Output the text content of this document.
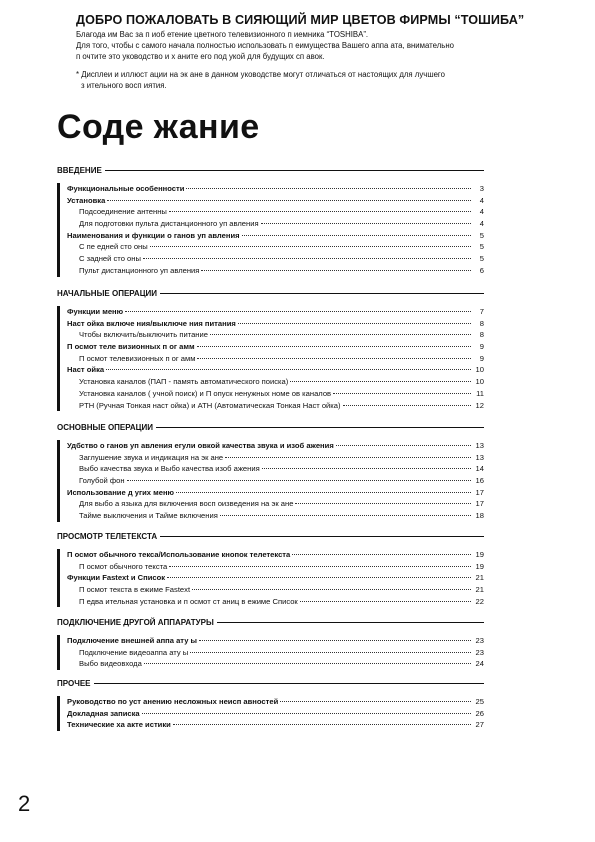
ДОБРО ПОЖАЛОВАТЬ В СИЯЮЩИЙ МИР ЦВЕТОВ ФИРМЫ “ТОШИБА”

Благода им Вас за п иоб етение цветного телевизионного п иемника “TOSHIBA”.

Для того, чтобы с самого начала полностью использовать п еимущества Вашего аппа ата, внимательно

п очтите это уководство и х аните его под укой для будущих сп авок.

* Дисплеи и иллюст ации на эк ане в данном уководстве могут отличаться от настоящих для лучшего

з ительного восп иятия.

Соде жание
ВВЕДЕНИЕ
Функциональные особенности	3
Установка	4
Подсоединение антенны	4
Для подготовки пульта дистанционного уп авления	4
Наименования и функции о ганов уп авления	5
С пе едней сто оны	5
С задней сто оны	5
Пульт дистанционного уп авления	6
НАЧАЛЬНЫЕ ОПЕРАЦИИ
Функции меню	7
Наст ойка включе ния/выключе ния питания	8
Чтобы включить/выключить питание	8
П осмот теле визионных п ог амм	9
П осмот телевизионных п ог амм	9
Наст ойка	10
Установка каналов (ПАП - память автоматического поиска)	10
Установка каналов ( учной поиск) и П опуск ненужных номе ов каналов	11
PTH (Ручная Тонкая наст ойка) и АТН (Автоматическая Тонкая Наст ойка)	12
ОСНОВНЫЕ ОПЕРАЦИИ
Удбство о ганов уп авления егули овкой качества звука и изоб ажения	13
Заглушение звука и индикация на эк ане	13
Выбо качества звука и Выбо качества изоб ажения	14
Голубой фон	16
Использование д угих меню	17
Для выбо а языка для включения восп оизведения на эк ане	17
Тайме выключения и Тайме включения	18
ПРОСМОТР ТЕЛЕТЕКСТА
П осмот обычного текса/Использование кнопок телетекста	19
П осмот обычного текста	19
Функции Fastext и Список	21
П осмот текста в ежиме Fastext	21
П едва ительная установка и п осмот ст аниц в ежиме Список	22
ПОДКЛЮЧЕНИЕ ДРУГОЙ АППАРАТУРЫ
Подключение внешней аппа ату ы	23
Подключение видеоаппа ату ы	23
Выбо видеовхода	24
ПРОЧЕЕ
Руководство по уст анению несложных неисп авностей	25
Докладная записка	26
Технические ха акте истики	27
2
